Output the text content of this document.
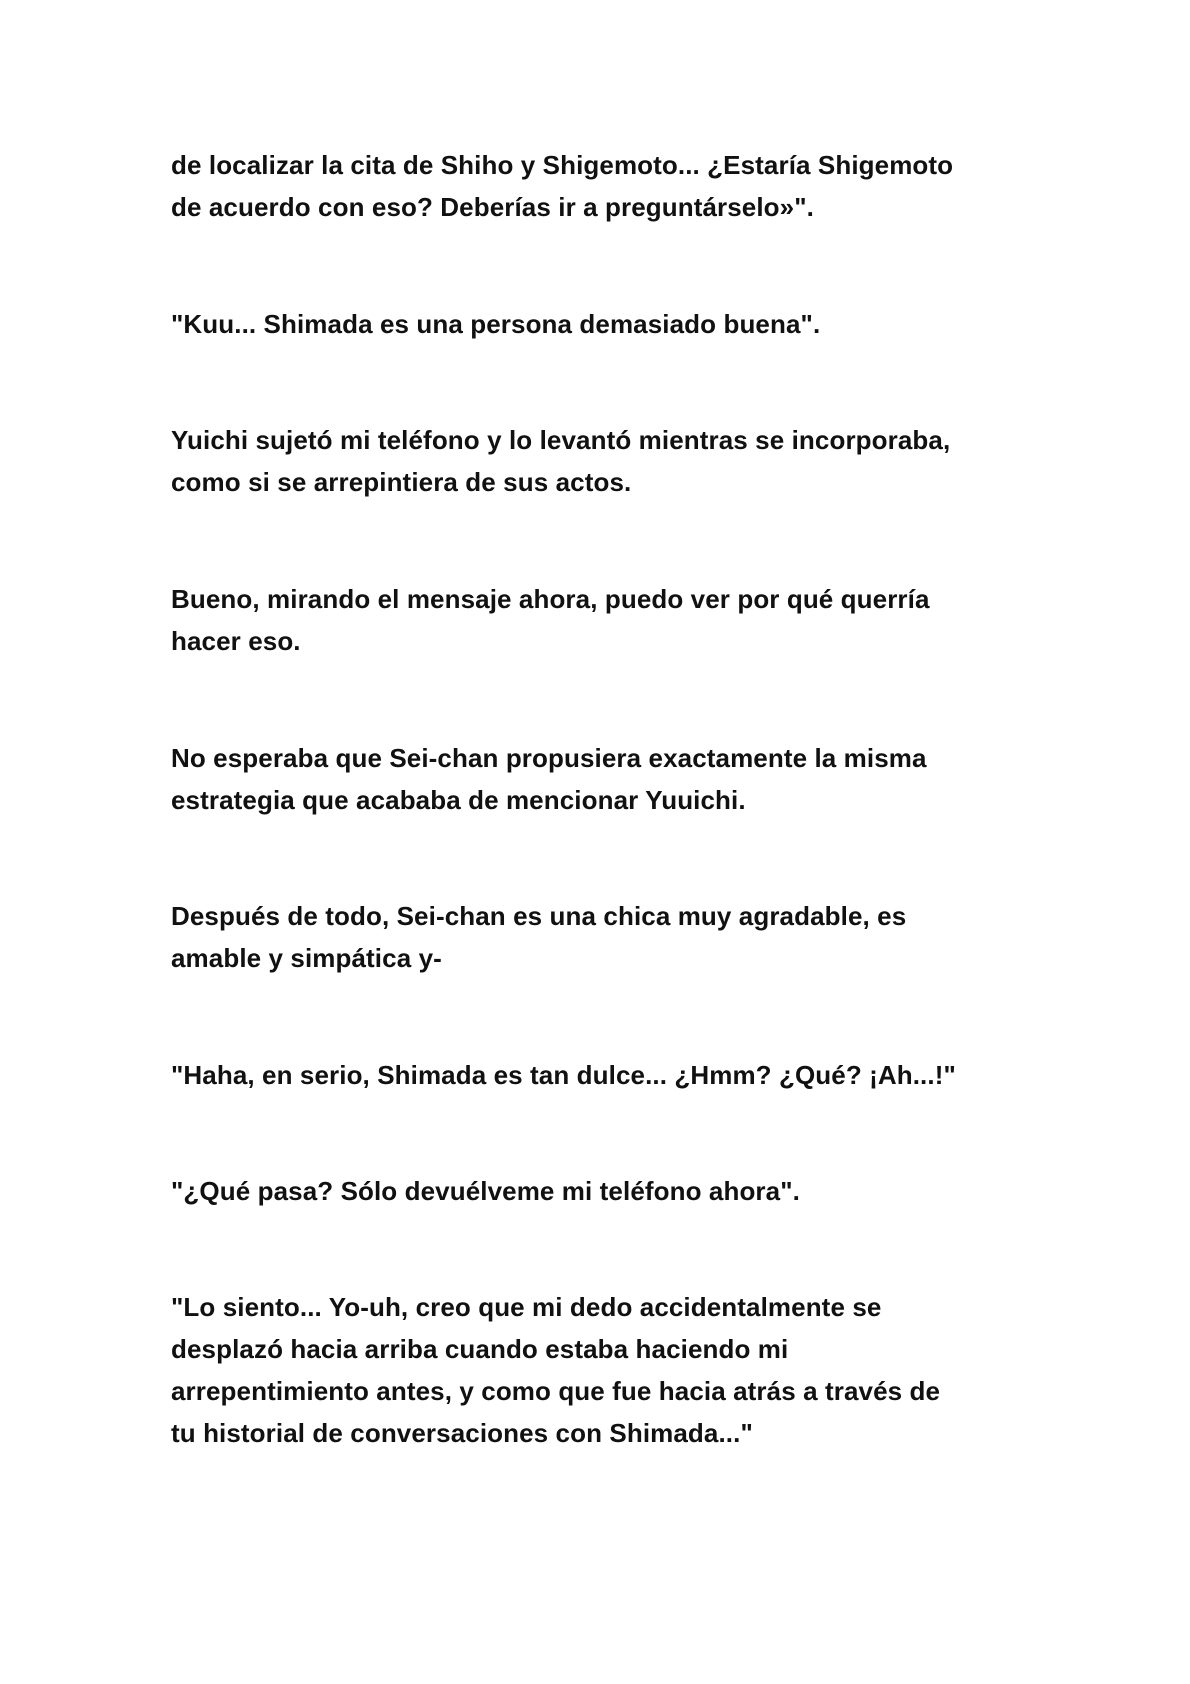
de localizar la cita de Shiho y Shigemoto... ¿Estaría Shigemoto
de acuerdo con eso? Deberías ir a preguntárselo»".

"Kuu... Shimada es una persona demasiado buena".

Yuichi sujetó mi teléfono y lo levantó mientras se incorporaba,
como si se arrepintiera de sus actos.

Bueno, mirando el mensaje ahora, puedo ver por qué querría
hacer eso.

No esperaba que Sei-chan propusiera exactamente la misma
estrategia que acababa de mencionar Yuuichi.

Después de todo, Sei-chan es una chica muy agradable, es
amable y simpática y-

"Haha, en serio, Shimada es tan dulce... ¿Hmm? ¿Qué? ¡Ah...!"

"¿Qué pasa? Sólo devuélveme mi teléfono ahora".

"Lo siento... Yo-uh, creo que mi dedo accidentalmente se
desplazó hacia arriba cuando estaba haciendo mi
arrepentimiento antes, y como que fue hacia atrás a través de
tu historial de conversaciones con Shimada..."
